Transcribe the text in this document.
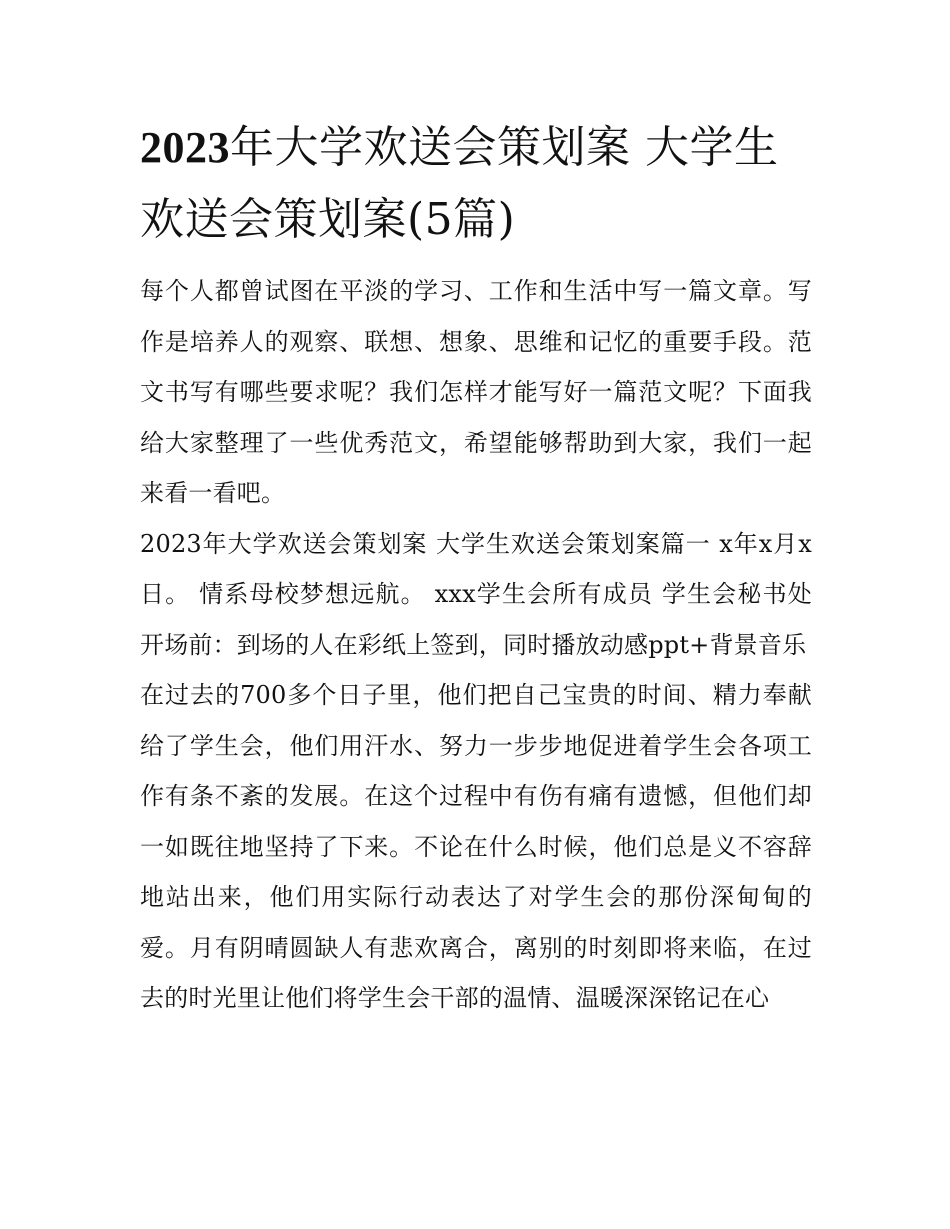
2023年大学欢送会策划案 大学生欢送会策划案(5篇)

每个人都曾试图在平淡的学习、工作和生活中写一篇文章。写作是培养人的观察、联想、想象、思维和记忆的重要手段。范文书写有哪些要求呢？我们怎样才能写好一篇范文呢？下面我给大家整理了一些优秀范文，希望能够帮助到大家，我们一起来看一看吧。

2023年大学欢送会策划案 大学生欢送会策划案篇一 x年x月x日。 情系母校梦想远航。 xxx学生会所有成员 学生会秘书处 开场前：到场的人在彩纸上签到，同时播放动感ppt+背景音乐

在过去的700多个日子里，他们把自己宝贵的时间、精力奉献给了学生会，他们用汗水、努力一步步地促进着学生会各项工作有条不紊的发展。在这个过程中有伤有痛有遗憾，但他们却一如既往地坚持了下来。不论在什么时候，他们总是义不容辞地站出来，他们用实际行动表达了对学生会的那份深甸甸的爱。月有阴晴圆缺人有悲欢离合，离别的时刻即将来临，在过去的时光里让他们将学生会干部的温情、温暖深深铭记在心
